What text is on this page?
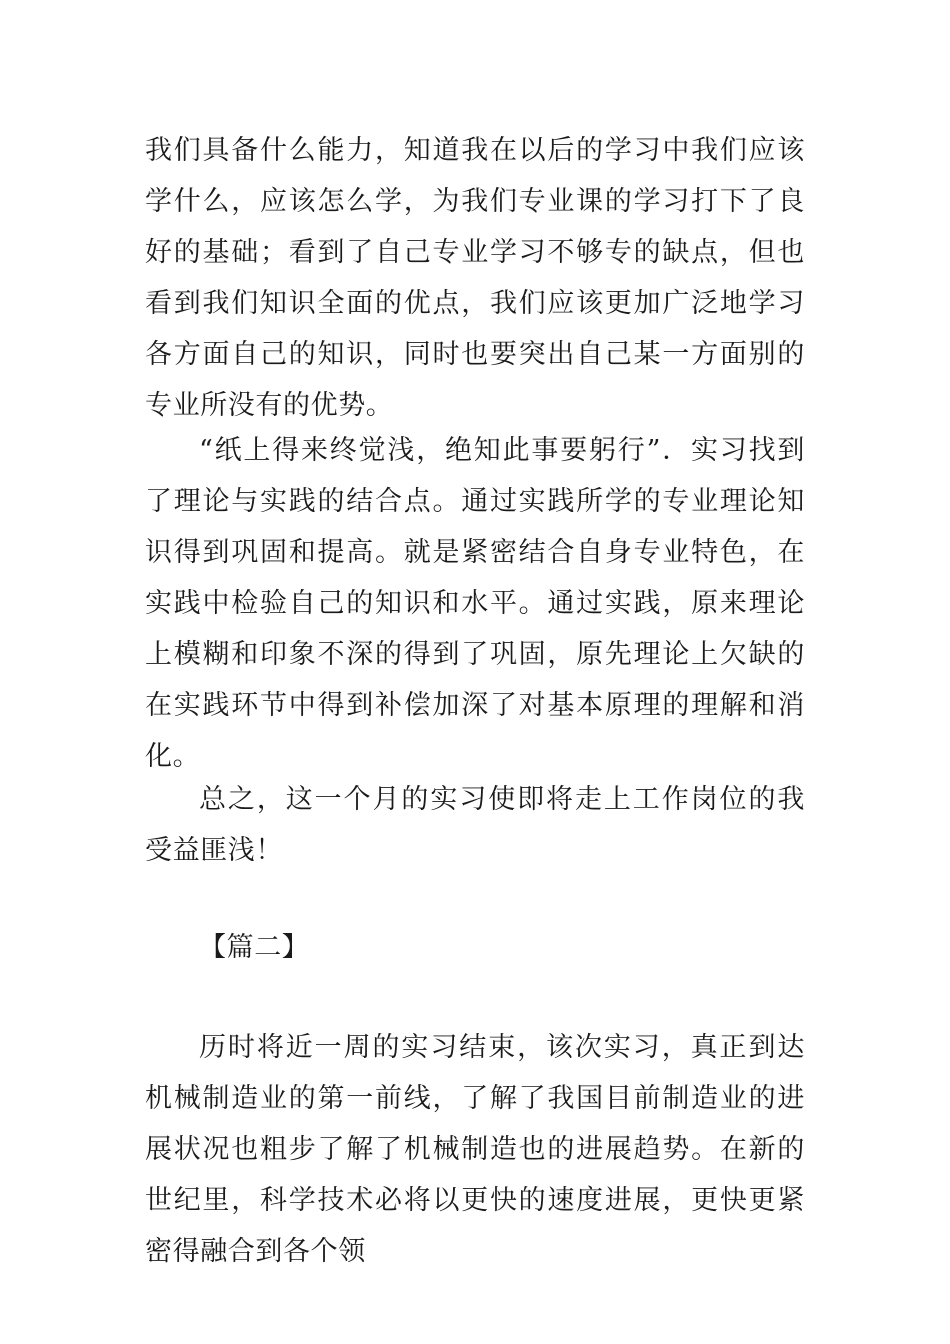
我们具备什么能力，知道我在以后的学习中我们应该学什么，应该怎么学，为我们专业课的学习打下了良好的基础；看到了自己专业学习不够专的缺点，但也看到我们知识全面的优点，我们应该更加广泛地学习各方面自己的知识，同时也要突出自己某一方面别的专业所没有的优势。

“纸上得来终觉浅，绝知此事要躬行”．实习找到了理论与实践的结合点。通过实践所学的专业理论知识得到巩固和提高。就是紧密结合自身专业特色，在实践中检验自己的知识和水平。通过实践，原来理论上模糊和印象不深的得到了巩固，原先理论上欠缺的在实践环节中得到补偿加深了对基本原理的理解和消化。

总之，这一个月的实习使即将走上工作岗位的我受益匪浅！

【篇二】

历时将近一周的实习结束，该次实习，真正到达机械制造业的第一前线，了解了我国目前制造业的进展状况也粗步了解了机械制造也的进展趋势。在新的世纪里，科学技术必将以更快的速度进展，更快更紧密得融合到各个领
